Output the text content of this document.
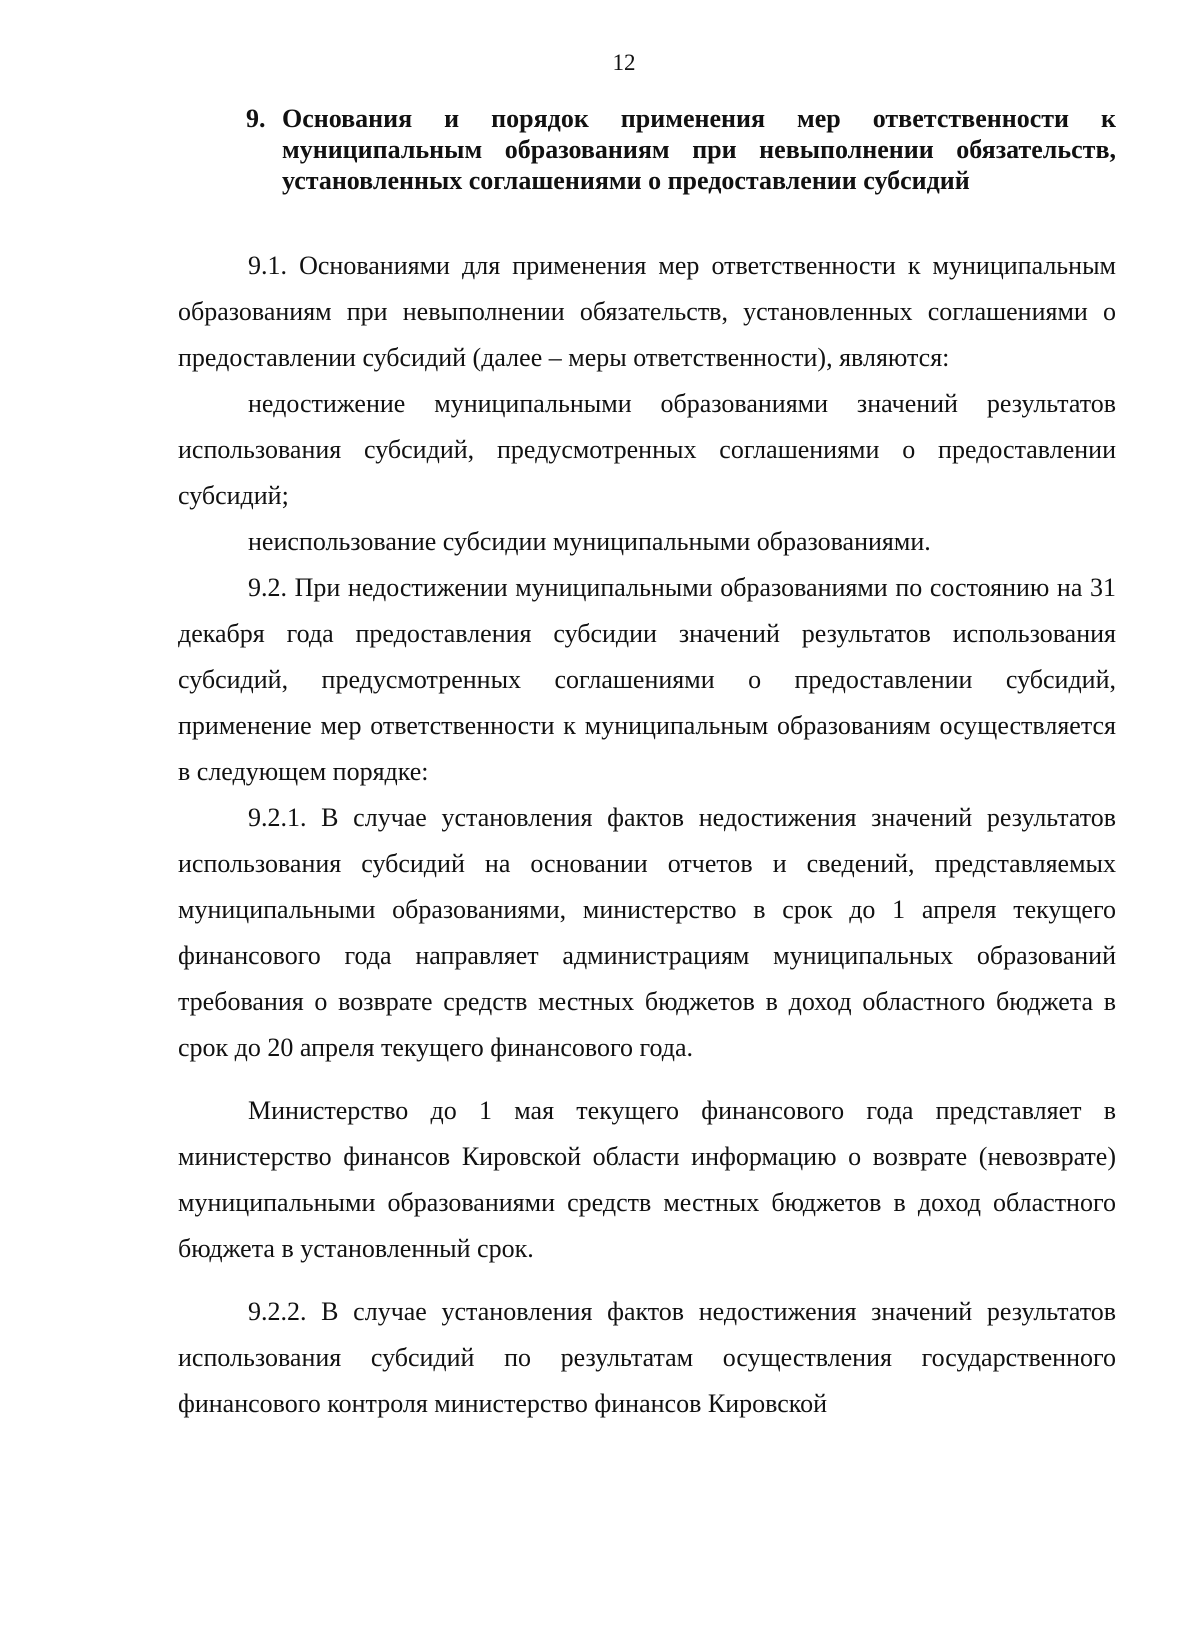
12
9. Основания и порядок применения мер ответственности к муниципальным образованиям при невыполнении обязательств, установленных соглашениями о предоставлении субсидий

9.1. Основаниями для применения мер ответственности к муниципальным образованиям при невыполнении обязательств, установленных соглашениями о предоставлении субсидий (далее – меры ответственности), являются:

недостижение муниципальными образованиями значений результатов использования субсидий, предусмотренных соглашениями о предоставлении субсидий;

неиспользование субсидии муниципальными образованиями.

9.2. При недостижении муниципальными образованиями по состоянию на 31 декабря года предоставления субсидии значений результатов использования субсидий, предусмотренных соглашениями о предоставлении субсидий, применение мер ответственности к муниципальным образованиям осуществляется в следующем порядке:

9.2.1. В случае установления фактов недостижения значений результатов использования субсидий на основании отчетов и сведений, представляемых муниципальными образованиями, министерство в срок до 1 апреля текущего финансового года направляет администрациям муниципальных образований требования о возврате средств местных бюджетов в доход областного бюджета в срок до 20 апреля текущего финансового года.

Министерство до 1 мая текущего финансового года представляет в министерство финансов Кировской области информацию о возврате (невозврате) муниципальными образованиями средств местных бюджетов в доход областного бюджета в установленный срок.

9.2.2. В случае установления фактов недостижения значений результатов использования субсидий по результатам осуществления государственного финансового контроля министерство финансов Кировской
